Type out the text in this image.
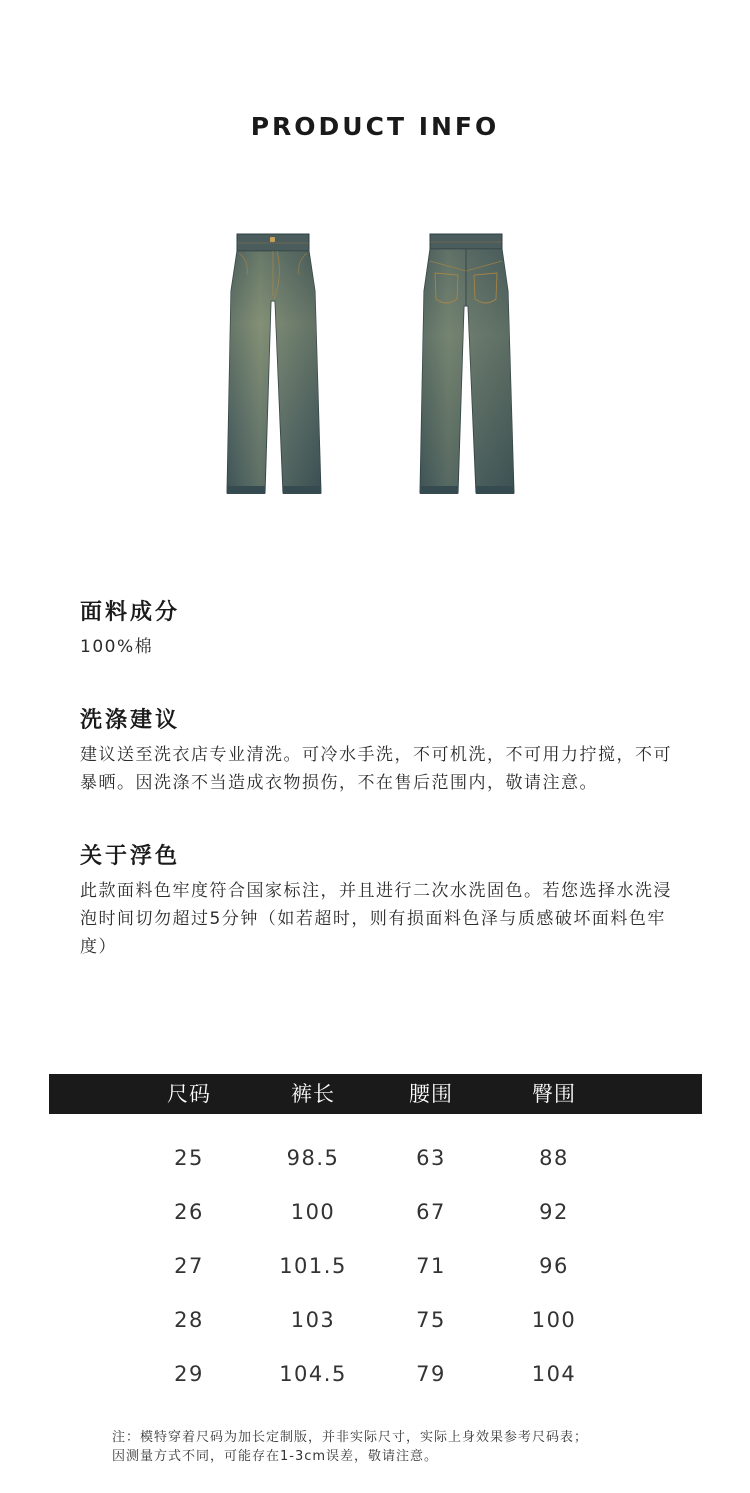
PRODUCT INFO
面料成分
100%棉
洗涤建议
建议送至洗衣店专业清洗。可冷水手洗，不可机洗，不可用力拧搅，不可暴晒。因洗涤不当造成衣物损伤，不在售后范围内，敬请注意。
关于浮色
此款面料色牢度符合国家标注，并且进行二次水洗固色。若您选择水洗浸泡时间切勿超过5分钟（如若超时，则有损面料色泽与质感破坏面料色牢度）
尺码	裤长	腰围	臀围
25	98.5	63	88
26	100	67	92
27	101.5	71	96
28	103	75	100
29	104.5	79	104
注：模特穿着尺码为加长定制版，并非实际尺寸，实际上身效果参考尺码表；
因测量方式不同，可能存在1-3cm误差，敬请注意。
